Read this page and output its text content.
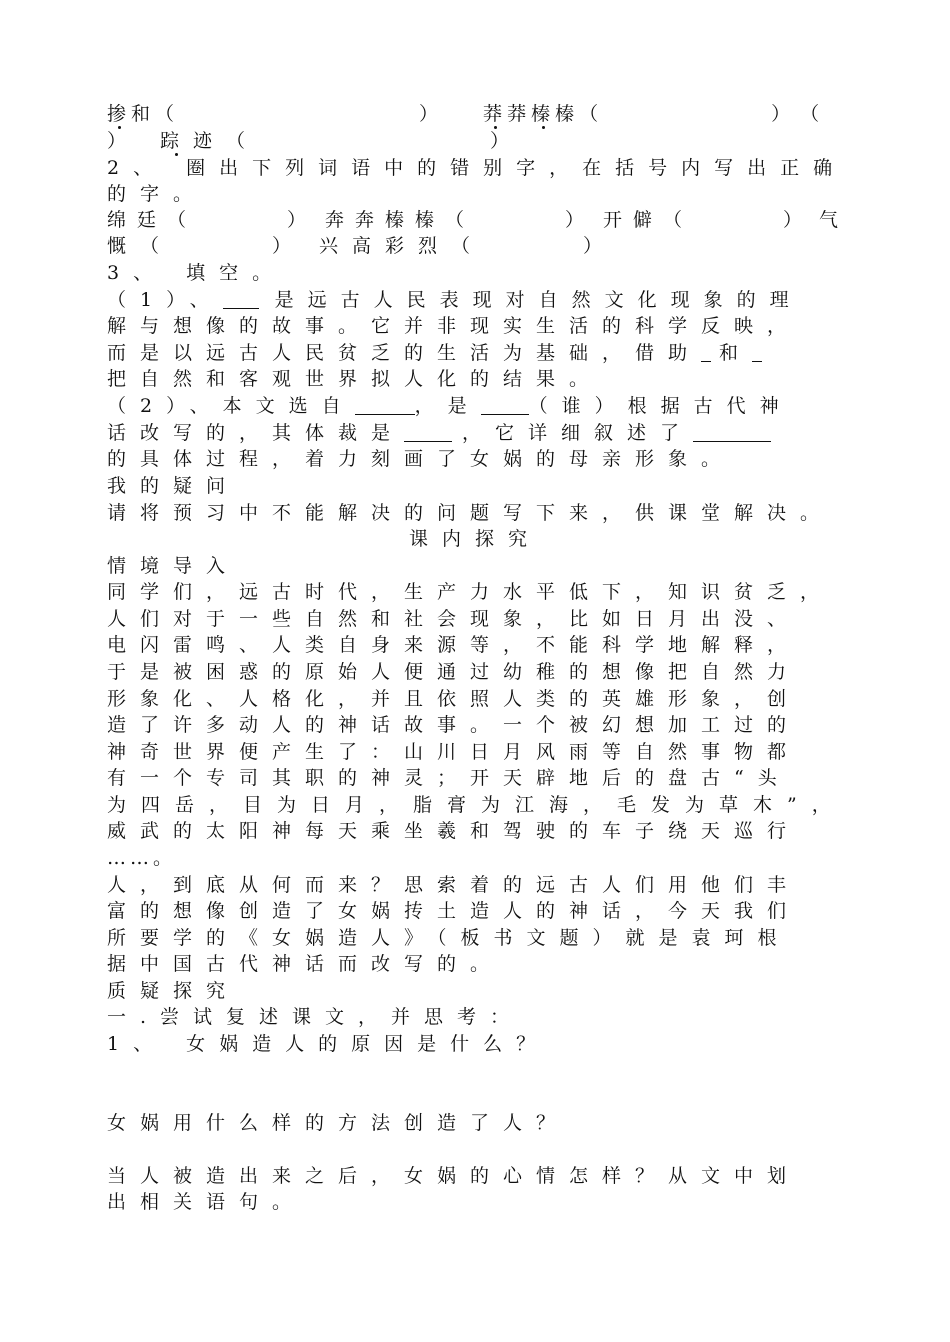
掺和（　　　　　　　　　　） 莽莽榛榛（　　　　　　　）　（
） 踪迹（　　　　　　　）
2、 圈出下列词语中的错别字，在括号内写出正确
的字。
绵廷（　　　） 奔奔榛榛（　　　） 开僻（　　　） 气
慨（　　　） 兴高彩烈（　　　）
3、 填空。
（1）、	是远古人民表现对自然文化现象的理
解与想像的故事。它并非现实生活的科学反映，
而是以远古人民贫乏的生活为基础，借助 和
把自然和客观世界拟人化的结果。
（2）、本文选自	，是	（谁）根据古代神
话改写的，其体裁是	，它详细叙述了
的具体过程，着力刻画了女娲的母亲形象。
我的疑问
请将预习中不能解决的问题写下来，供课堂解决。
课内探究
情境导入
同学们，远古时代，生产力水平低下，知识贫乏，
人们对于一些自然和社会现象，比如日月出没、
电闪雷鸣、人类自身来源等，不能科学地解释，
于是被困惑的原始人便通过幼稚的想像把自然力
形象化、人格化，并且依照人类的英雄形象，创
造了许多动人的神话故事。一个被幻想加工过的
神奇世界便产生了：山川日月风雨等自然事物都
有一个专司其职的神灵；开天辟地后的盘古“头
为四岳，目为日月，脂膏为江海，毛发为草木”，
威武的太阳神每天乘坐羲和驾驶的车子绕天巡行
……。
人，到底从何而来？思索着的远古人们用他们丰
富的想像创造了女娲抟土造人的神话，今天我们
所要学的《女娲造人》（板书文题）就是袁珂根
据中国古代神话而改写的。
质疑探究
一.尝试复述课文，并思考：
1、 女娲造人的原因是什么？
女娲用什么样的方法创造了人？
当人被造出来之后，女娲的心情怎样？从文中划
出相关语句。
